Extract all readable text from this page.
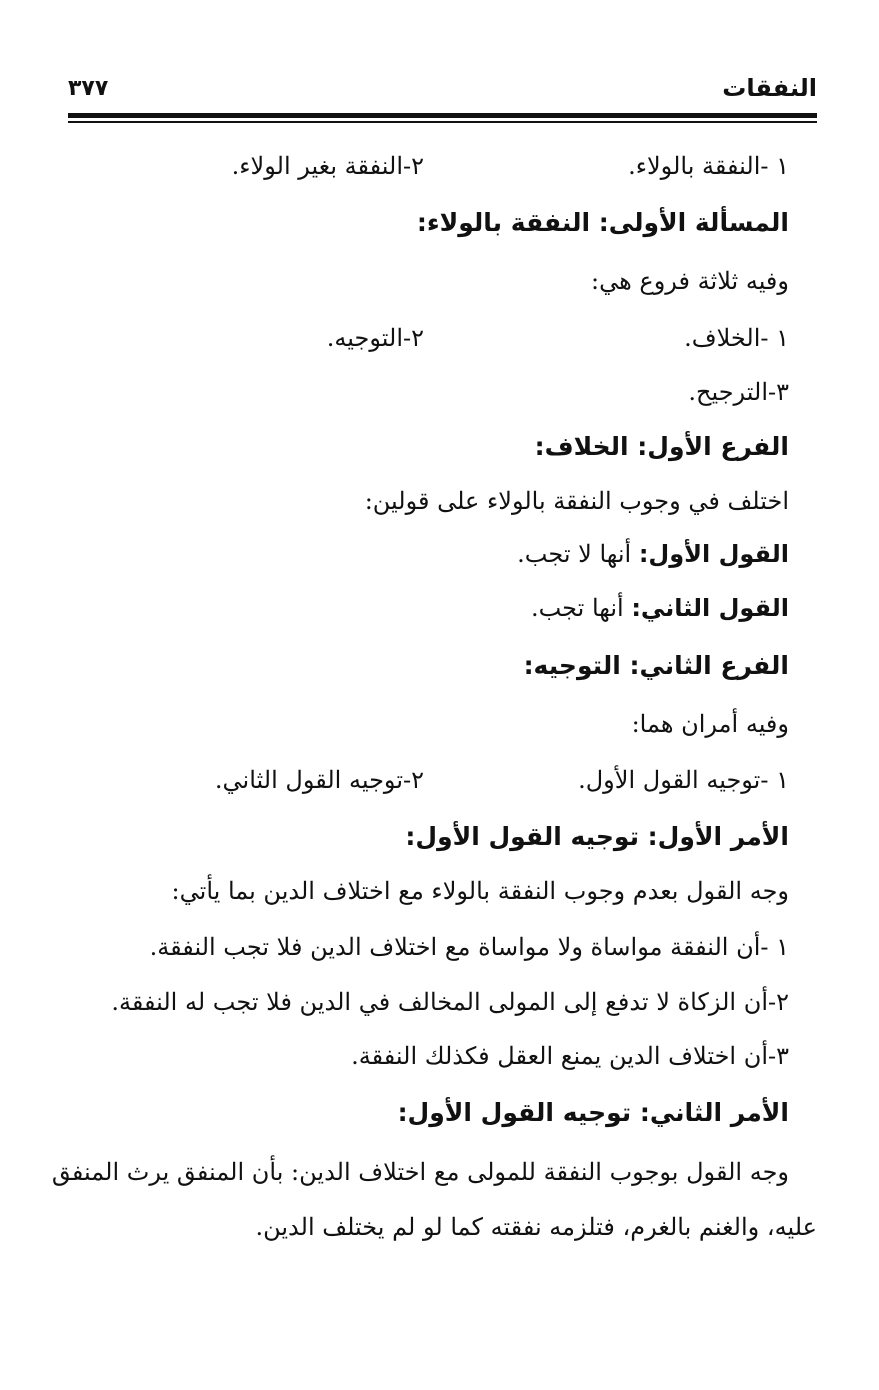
النفقات
٣٧٧
١ -النفقة بالولاء.
٢-النفقة بغير الولاء.
المسألة الأولى: النفقة بالولاء:
وفيه ثلاثة فروع هي:
١ -الخلاف.
٢-التوجيه.
٣-الترجيح.
الفرع الأول: الخلاف:
اختلف في وجوب النفقة بالولاء على قولين:
القول الأول: أنها لا تجب.
القول الثاني: أنها تجب.
الفرع الثاني: التوجيه:
وفيه أمران هما:
١ -توجيه القول الأول.
٢-توجيه القول الثاني.
الأمر الأول: توجيه القول الأول:
وجه القول بعدم وجوب النفقة بالولاء مع اختلاف الدين بما يأتي:
١ -أن النفقة مواساة ولا مواساة مع اختلاف الدين فلا تجب النفقة.
٢-أن الزكاة لا تدفع إلى المولى المخالف في الدين فلا تجب له النفقة.
٣-أن اختلاف الدين يمنع العقل فكذلك النفقة.
الأمر الثاني: توجيه القول الأول:
وجه القول بوجوب النفقة للمولى مع اختلاف الدين: بأن المنفق يرث المنفق
عليه، والغنم بالغرم، فتلزمه نفقته كما لو لم يختلف الدين.
